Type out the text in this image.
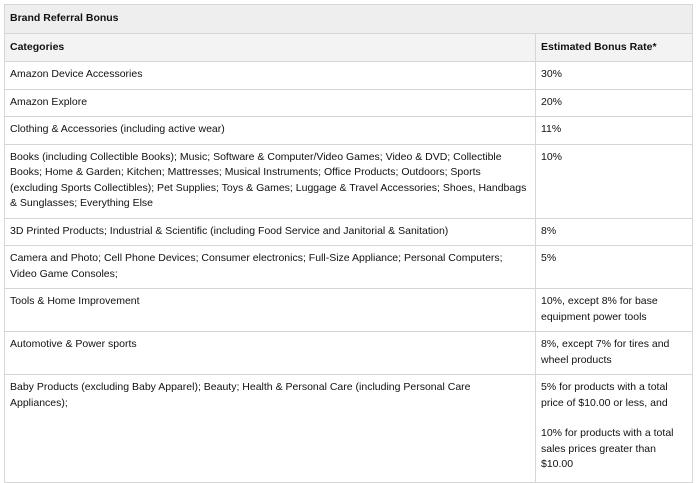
Brand Referral Bonus	
Categories	Estimated Bonus Rate*
Amazon Device Accessories	30%

Amazon Explore	20%

Clothing & Accessories (including active wear)	11%

Books (including Collectible Books); Music; Software & Computer/Video Games; Video & DVD; Collectible Books; Home & Garden; Kitchen; Mattresses; Musical Instruments; Office Products; Outdoors; Sports (excluding Sports Collectibles); Pet Supplies; Toys & Games; Luggage & Travel Accessories; Shoes, Handbags & Sunglasses; Everything Else	10%

3D Printed Products; Industrial & Scientific (including Food Service and Janitorial & Sanitation)	8%

Camera and Photo; Cell Phone Devices; Consumer electronics; Full-Size Appliance; Personal Computers; Video Game Consoles;	5%

Tools & Home Improvement	10%, except 8% for base equipment power tools

Automotive & Power sports	8%, except 7% for tires and wheel products

Baby Products (excluding Baby Apparel); Beauty; Health & Personal Care (including Personal Care Appliances);	5% for products with a total price of $10.00 or less, and
10% for products with a total sales prices greater than $10.00
